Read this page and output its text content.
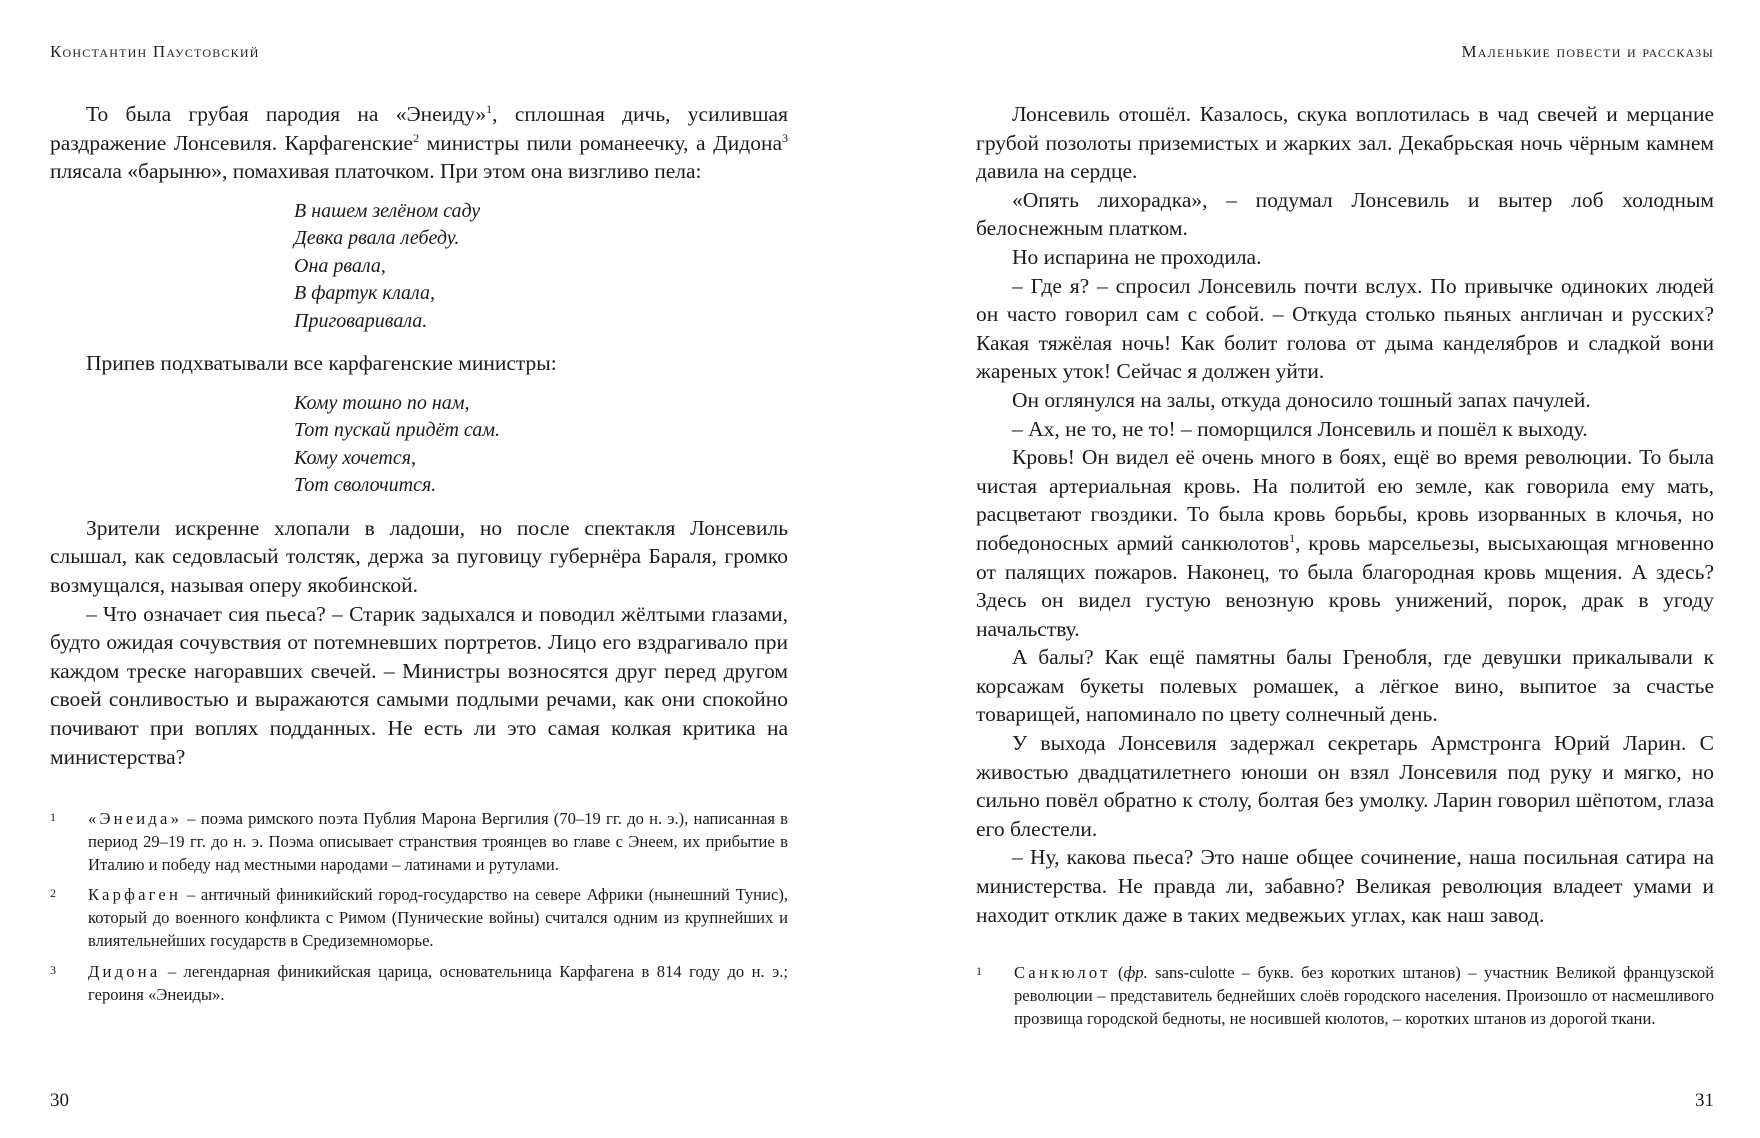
Константин Паустовский

То была грубая пародия на «Энеиду»$^1$, сплошная дичь, усилившая раздражение Лонсевиля. Карфагенские$^2$ министры пили романеечку, а Дидона$^3$ плясала «барыню», помахивая платочком. При этом она визгливо пела:

В нашем зелёном саду
Девка рвала лебеду.
Она рвала,
В фартук клала,
Приговаривала.

Припев подхватывали все карфагенские министры:

Кому тошно по нам,
Тот пускай придёт сам.
Кому хочется,
Тот сволочится.

Зрители искренне хлопали в ладоши, но после спектакля Лонсевиль слышал, как седовласый толстяк, держа за пуговицу губернёра Бараля, громко возмущался, называя оперу якобинской.

– Что означает сия пьеса? – Старик задыхался и поводил жёлтыми глазами, будто ожидая сочувствия от потемневших портретов. Лицо его вздрагивало при каждом треске нагоравших свечей. – Министры возносятся друг перед другом своей сонливостью и выражаются самыми подлыми речами, как они спокойно почивают при воплях подданных. Не есть ли это самая колкая критика на министерства?

1 «Энеида» – поэма римского поэта Публия Марона Вергилия (70–19 гг. до н. э.), написанная в период 29–19 гг. до н. э. Поэма описывает странствия троянцев во главе с Энеем, их прибытие в Италию и победу над местными народами – латинами и рутулами.
2 Карфаген – античный финикийский город-государство на севере Африки (нынешний Тунис), который до военного конфликта с Римом (Пунические войны) считался одним из крупнейших и влиятельнейших государств в Средиземноморье.
3 Дидона – легендарная финикийская царица, основательница Карфагена в 814 году до н. э.; героиня «Энеиды».
30
Маленькие повести и рассказы

Лонсевиль отошёл. Казалось, скука воплотилась в чад свечей и мерцание грубой позолоты приземистых и жарких зал. Декабрьская ночь чёрным камнем давила на сердце.

«Опять лихорадка», – подумал Лонсевиль и вытер лоб холодным белоснежным платком.

Но испарина не проходила.

– Где я? – спросил Лонсевиль почти вслух. По привычке одиноких людей он часто говорил сам с собой. – Откуда столько пьяных англичан и русских? Какая тяжёлая ночь! Как болит голова от дыма канделябров и сладкой вони жареных уток! Сейчас я должен уйти.

Он оглянулся на залы, откуда доносило тошный запах пачулей.

– Ах, не то, не то! – поморщился Лонсевиль и пошёл к выходу.

Кровь! Он видел её очень много в боях, ещё во время революции. То была чистая артериальная кровь. На политой ею земле, как говорила ему мать, расцветают гвоздики. То была кровь борьбы, кровь изорванных в клочья, но победоносных армий санкюлотов$^1$, кровь марсельезы, высыхающая мгновенно от палящих пожаров. Наконец, то была благородная кровь мщения. А здесь? Здесь он видел густую венозную кровь унижений, порок, драк в угоду начальству.

А балы? Как ещё памятны балы Гренобля, где девушки прикалывали к корсажам букеты полевых ромашек, а лёгкое вино, выпитое за счастье товарищей, напоминало по цвету солнечный день.

У выхода Лонсевиля задержал секретарь Армстронга Юрий Ларин. С живостью двадцатилетнего юноши он взял Лонсевиля под руку и мягко, но сильно повёл обратно к столу, болтая без умолку. Ларин говорил шёпотом, глаза его блестели.

– Ну, какова пьеса? Это наше общее сочинение, наша посильная сатира на министерства. Не правда ли, забавно? Великая революция владеет умами и находит отклик даже в таких медвежьих углах, как наш завод.

1 Санкюлот (фр. sans-culotte – букв. без коротких штанов) – участник Великой французской революции – представитель беднейших слоёв городского населения. Произошло от насмешливого прозвища городской бедноты, не носившей кюлотов, – коротких штанов из дорогой ткани.
31
